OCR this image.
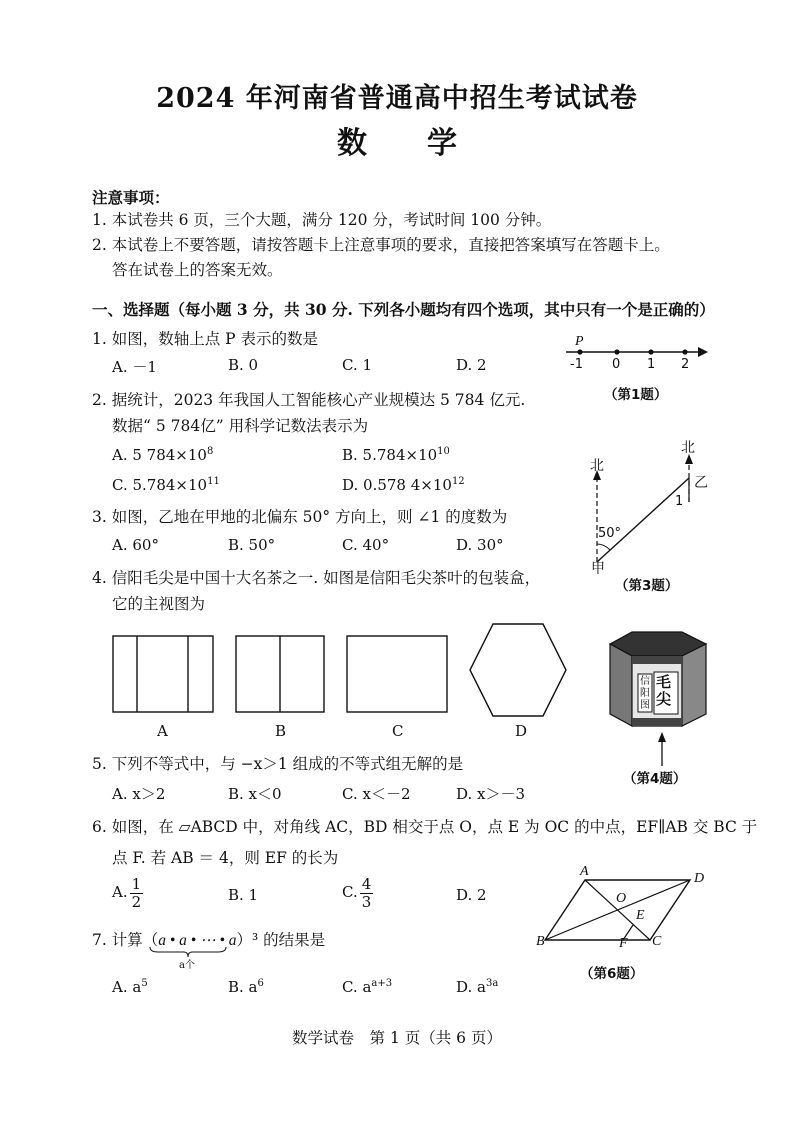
2024 年河南省普通高中招生考试试卷
数　　学
注意事项：
1. 本试卷共 6 页，三个大题，满分 120 分，考试时间 100 分钟。
2. 本试卷上不要答题，请按答题卡上注意事项的要求，直接把答案填写在答题卡上。
答在试卷上的答案无效。
一、选择题（每小题 3 分，共 30 分. 下列各小题均有四个选项，其中只有一个是正确的）
1. 如图，数轴上点 P 表示的数是
A. －1	B. 0	C. 1	D. 2
P
-1 0 1 2
（第1题）
2. 据统计，2023 年我国人工智能核心产业规模达 5 784 亿元.
数据“ 5 784亿” 用科学记数法表示为
A. 5 $784\times 10^8$	B. $5.784\times 10^{10}$
C. $5.784\times 10^{11}$	D. 0.578 $4\times 10^{12}$
北
北
乙
甲
50°
1
（第3题）
3. 如图，乙地在甲地的北偏东 50° 方向上，则 ∠1 的度数为
A. 60°	B. 50°	C. 40°	D. 30°
4. 信阳毛尖是中国十大名茶之一. 如图是信阳毛尖茶叶的包装盒，
它的主视图为
A	B	C	D
毛
尖
信
阳
图
（第4题）
5. 下列不等式中，与 −x＞1 组成的不等式组无解的是
A. x＞2	B. x＜0	C. x＜－2	D. x＞－3
6. 如图，在 ▱ABCD 中，对角线 AC，BD 相交于点 O，点 E 为 OC 的中点，EF∥AB 交 BC 于
点 F. 若 AB ＝ 4，则 EF 的长为
A. $\frac{1}{2}$	B. 1	C. $\frac{4}{3}$	D. 2
A	D
B	C
O
E
F
（第6题）
7. 计算（a • a • ⋯ • a）³ 的结果是
a个
A. $a^5$	B. $a^6$	C. $a^{a+3}$	D. $a^{3a}$
数学试卷　第 1 页（共 6 页）
